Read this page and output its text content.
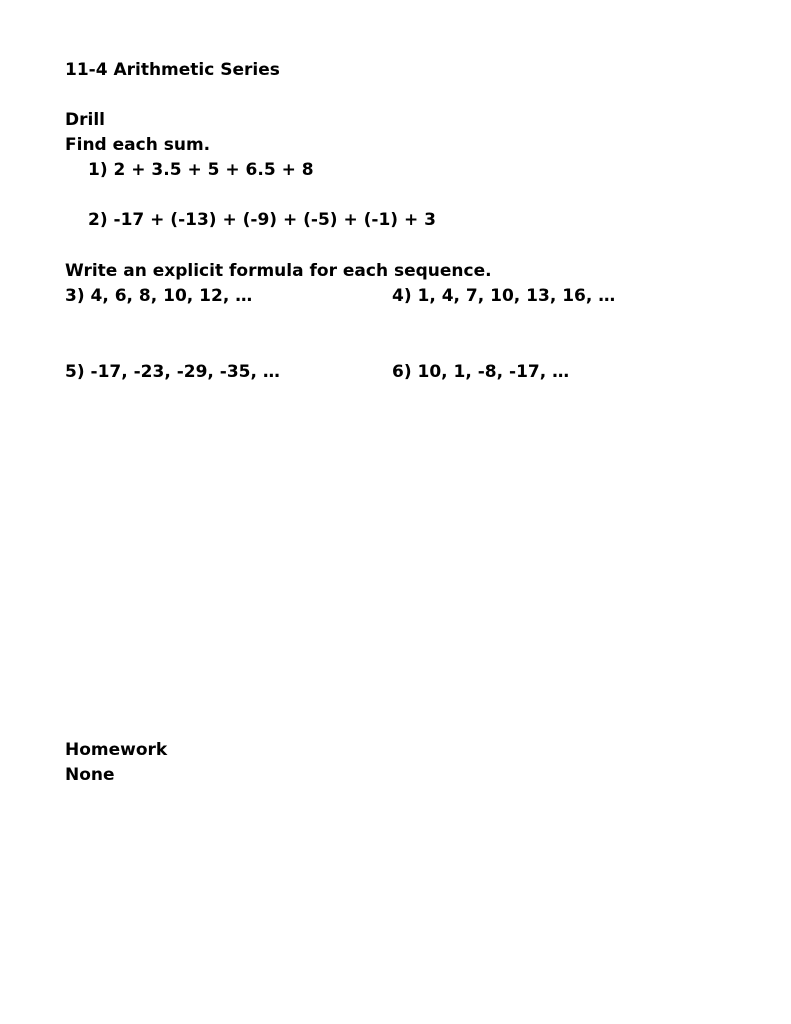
11-4 Arithmetic Series
Drill
Find each sum.
1) 2 + 3.5 + 5 + 6.5 + 8
2) -17 + (-13) + (-9) + (-5) + (-1) + 3
Write an explicit formula for each sequence.
3) 4, 6, 8, 10, 12, …	4) 1, 4, 7, 10, 13, 16, …
5) -17, -23, -29, -35, …	6) 10, 1, -8, -17, …
Homework
None
